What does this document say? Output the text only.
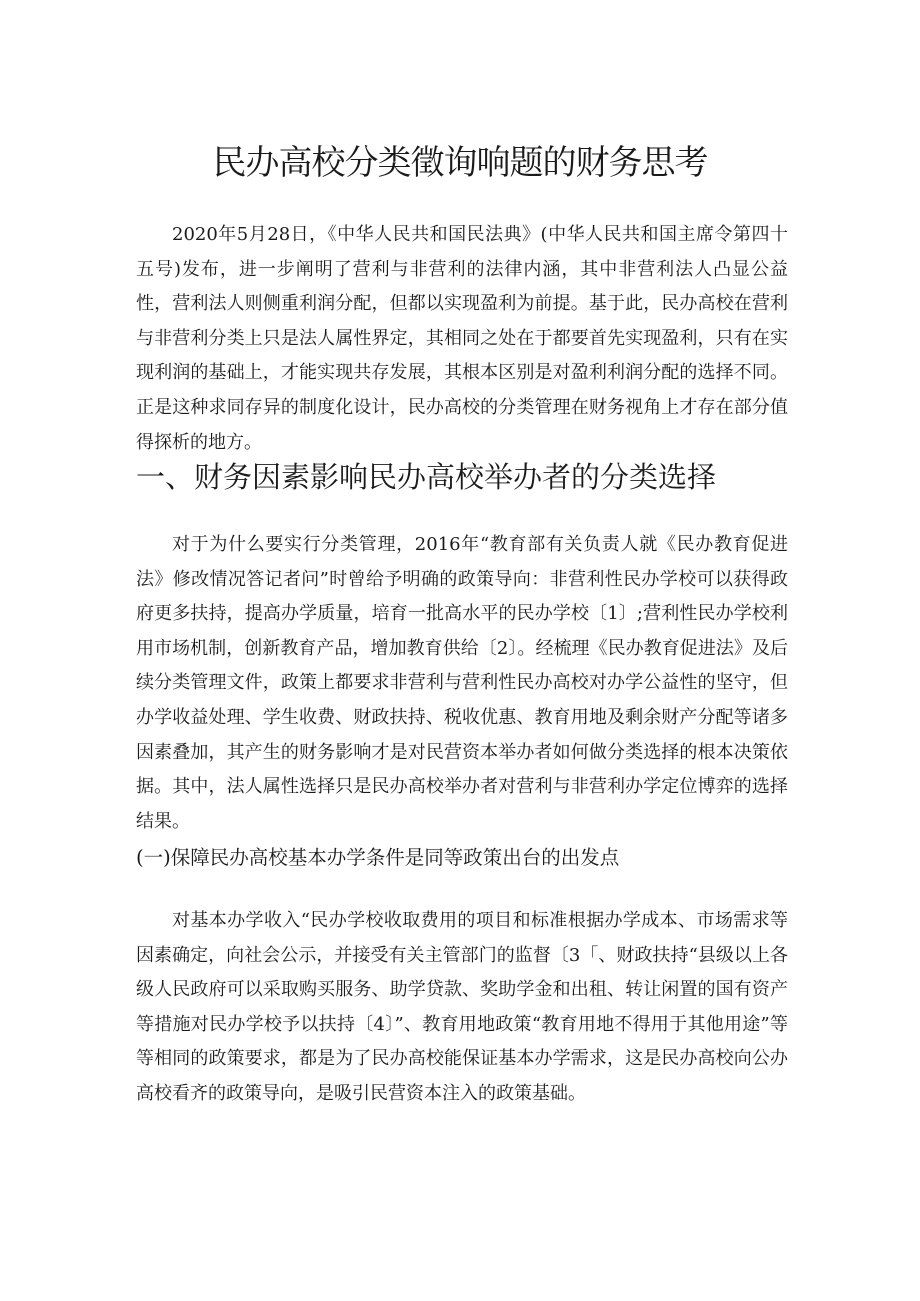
民办高校分类徵询响题的财务思考

2020年5月28日，《中华人民共和国民法典》(中华人民共和国主席令第四十五号)发布，进一步阐明了营利与非营利的法律内涵，其中非营利法人凸显公益性，营利法人则侧重利润分配，但都以实现盈利为前提。基于此，民办高校在营利与非营利分类上只是法人属性界定，其相同之处在于都要首先实现盈利，只有在实现利润的基础上，才能实现共存发展，其根本区别是对盈利利润分配的选择不同。正是这种求同存异的制度化设计，民办高校的分类管理在财务视角上才存在部分值得探析的地方。

一、财务因素影响民办高校举办者的分类选择

对于为什么要实行分类管理，2016年“教育部有关负责人就《民办教育促进法》修改情况答记者问”时曾给予明确的政策导向：非营利性民办学校可以获得政府更多扶持，提高办学质量，培育一批高水平的民办学校〔1〕;营利性民办学校利用市场机制，创新教育产品，增加教育供给〔2〕。经梳理《民办教育促进法》及后续分类管理文件，政策上都要求非营利与营利性民办高校对办学公益性的坚守，但办学收益处理、学生收费、财政扶持、税收优惠、教育用地及剩余财产分配等诸多因素叠加，其产生的财务影响才是对民营资本举办者如何做分类选择的根本决策依据。其中，法人属性选择只是民办高校举办者对营利与非营利办学定位博弈的选择结果。

(一)保障民办高校基本办学条件是同等政策出台的出发点

对基本办学收入“民办学校收取费用的项目和标准根据办学成本、市场需求等因素确定，向社会公示，并接受有关主管部门的监督〔3「、财政扶持“县级以上各级人民政府可以采取购买服务、助学贷款、奖助学金和出租、转让闲置的国有资产等措施对民办学校予以扶持〔4〕”、教育用地政策“教育用地不得用于其他用途”等等相同的政策要求，都是为了民办高校能保证基本办学需求，这是民办高校向公办高校看齐的政策导向，是吸引民营资本注入的政策基础。
